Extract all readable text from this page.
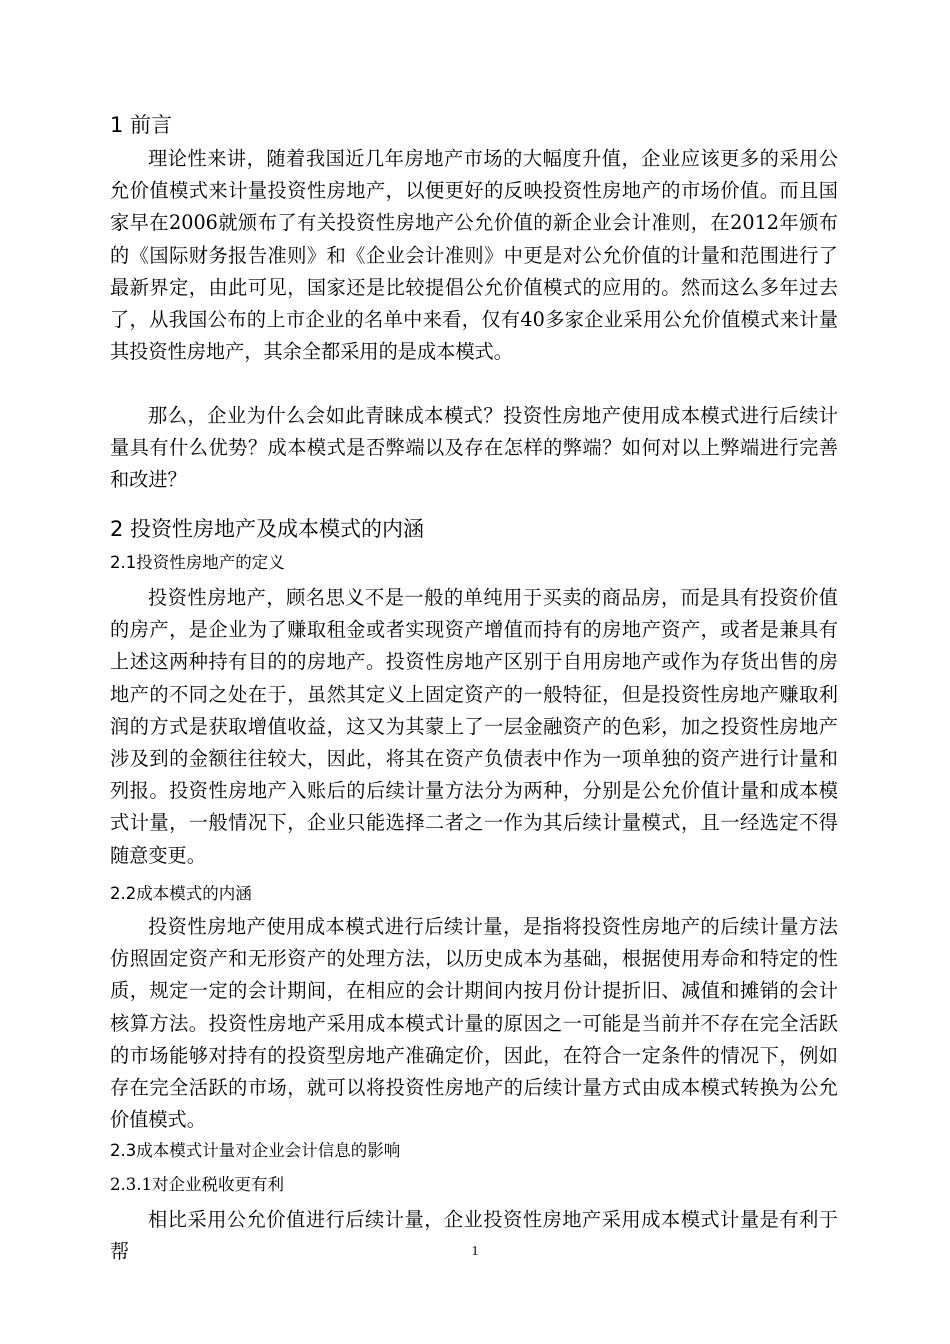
1 前言
理论性来讲，随着我国近几年房地产市场的大幅度升值，企业应该更多的采用公允价值模式来计量投资性房地产，以便更好的反映投资性房地产的市场价值。而且国家早在2006就颁布了有关投资性房地产公允价值的新企业会计准则，在2012年颁布的《国际财务报告准则》和《企业会计准则》中更是对公允价值的计量和范围进行了最新界定，由此可见，国家还是比较提倡公允价值模式的应用的。然而这么多年过去了，从我国公布的上市企业的名单中来看，仅有40多家企业采用公允价值模式来计量其投资性房地产，其余全都采用的是成本模式。
那么，企业为什么会如此青睐成本模式？投资性房地产使用成本模式进行后续计量具有什么优势？成本模式是否弊端以及存在怎样的弊端？如何对以上弊端进行完善和改进？
2 投资性房地产及成本模式的内涵
2.1投资性房地产的定义
投资性房地产，顾名思义不是一般的单纯用于买卖的商品房，而是具有投资价值的房产，是企业为了赚取租金或者实现资产增值而持有的房地产资产，或者是兼具有上述这两种持有目的的房地产。投资性房地产区别于自用房地产或作为存货出售的房地产的不同之处在于，虽然其定义上固定资产的一般特征，但是投资性房地产赚取利润的方式是获取增值收益，这又为其蒙上了一层金融资产的色彩，加之投资性房地产涉及到的金额往往较大，因此，将其在资产负债表中作为一项单独的资产进行计量和列报。投资性房地产入账后的后续计量方法分为两种，分别是公允价值计量和成本模式计量，一般情况下，企业只能选择二者之一作为其后续计量模式，且一经选定不得随意变更。
2.2成本模式的内涵
投资性房地产使用成本模式进行后续计量，是指将投资性房地产的后续计量方法仿照固定资产和无形资产的处理方法，以历史成本为基础，根据使用寿命和特定的性质，规定一定的会计期间，在相应的会计期间内按月份计提折旧、减值和摊销的会计核算方法。投资性房地产采用成本模式计量的原因之一可能是当前并不存在完全活跃的市场能够对持有的投资型房地产准确定价，因此，在符合一定条件的情况下，例如存在完全活跃的市场，就可以将投资性房地产的后续计量方式由成本模式转换为公允价值模式。
2.3成本模式计量对企业会计信息的影响
2.3.1对企业税收更有利
相比采用公允价值进行后续计量，企业投资性房地产采用成本模式计量是有利于帮	1
